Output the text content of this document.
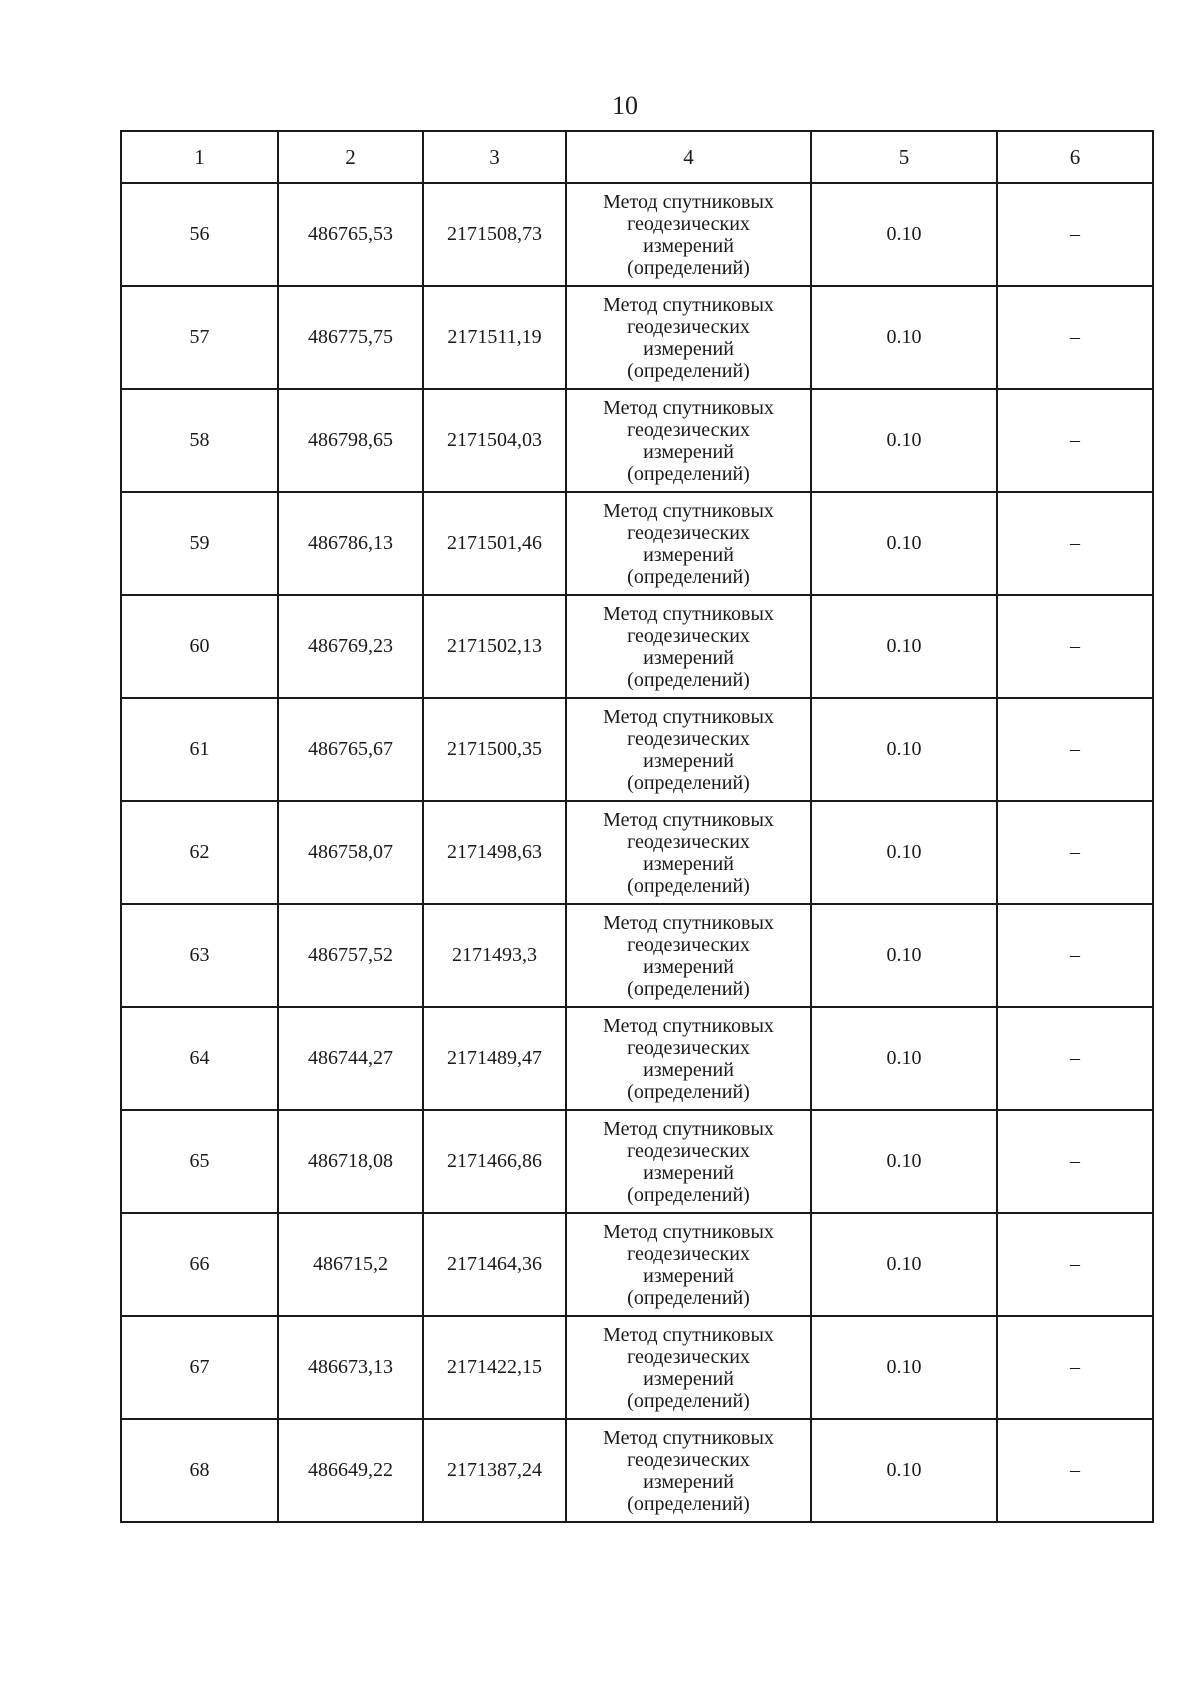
10
1	2	3	4	5	6
56	486765,53	2171508,73	Метод спутниковых
геодезических
измерений
(определений)	0.10	–
57	486775,75	2171511,19	Метод спутниковых
геодезических
измерений
(определений)	0.10	–
58	486798,65	2171504,03	Метод спутниковых
геодезических
измерений
(определений)	0.10	–
59	486786,13	2171501,46	Метод спутниковых
геодезических
измерений
(определений)	0.10	–
60	486769,23	2171502,13	Метод спутниковых
геодезических
измерений
(определений)	0.10	–
61	486765,67	2171500,35	Метод спутниковых
геодезических
измерений
(определений)	0.10	–
62	486758,07	2171498,63	Метод спутниковых
геодезических
измерений
(определений)	0.10	–
63	486757,52	2171493,3	Метод спутниковых
геодезических
измерений
(определений)	0.10	–
64	486744,27	2171489,47	Метод спутниковых
геодезических
измерений
(определений)	0.10	–
65	486718,08	2171466,86	Метод спутниковых
геодезических
измерений
(определений)	0.10	–
66	486715,2	2171464,36	Метод спутниковых
геодезических
измерений
(определений)	0.10	–
67	486673,13	2171422,15	Метод спутниковых
геодезических
измерений
(определений)	0.10	–
68	486649,22	2171387,24	Метод спутниковых
геодезических
измерений
(определений)	0.10	–
